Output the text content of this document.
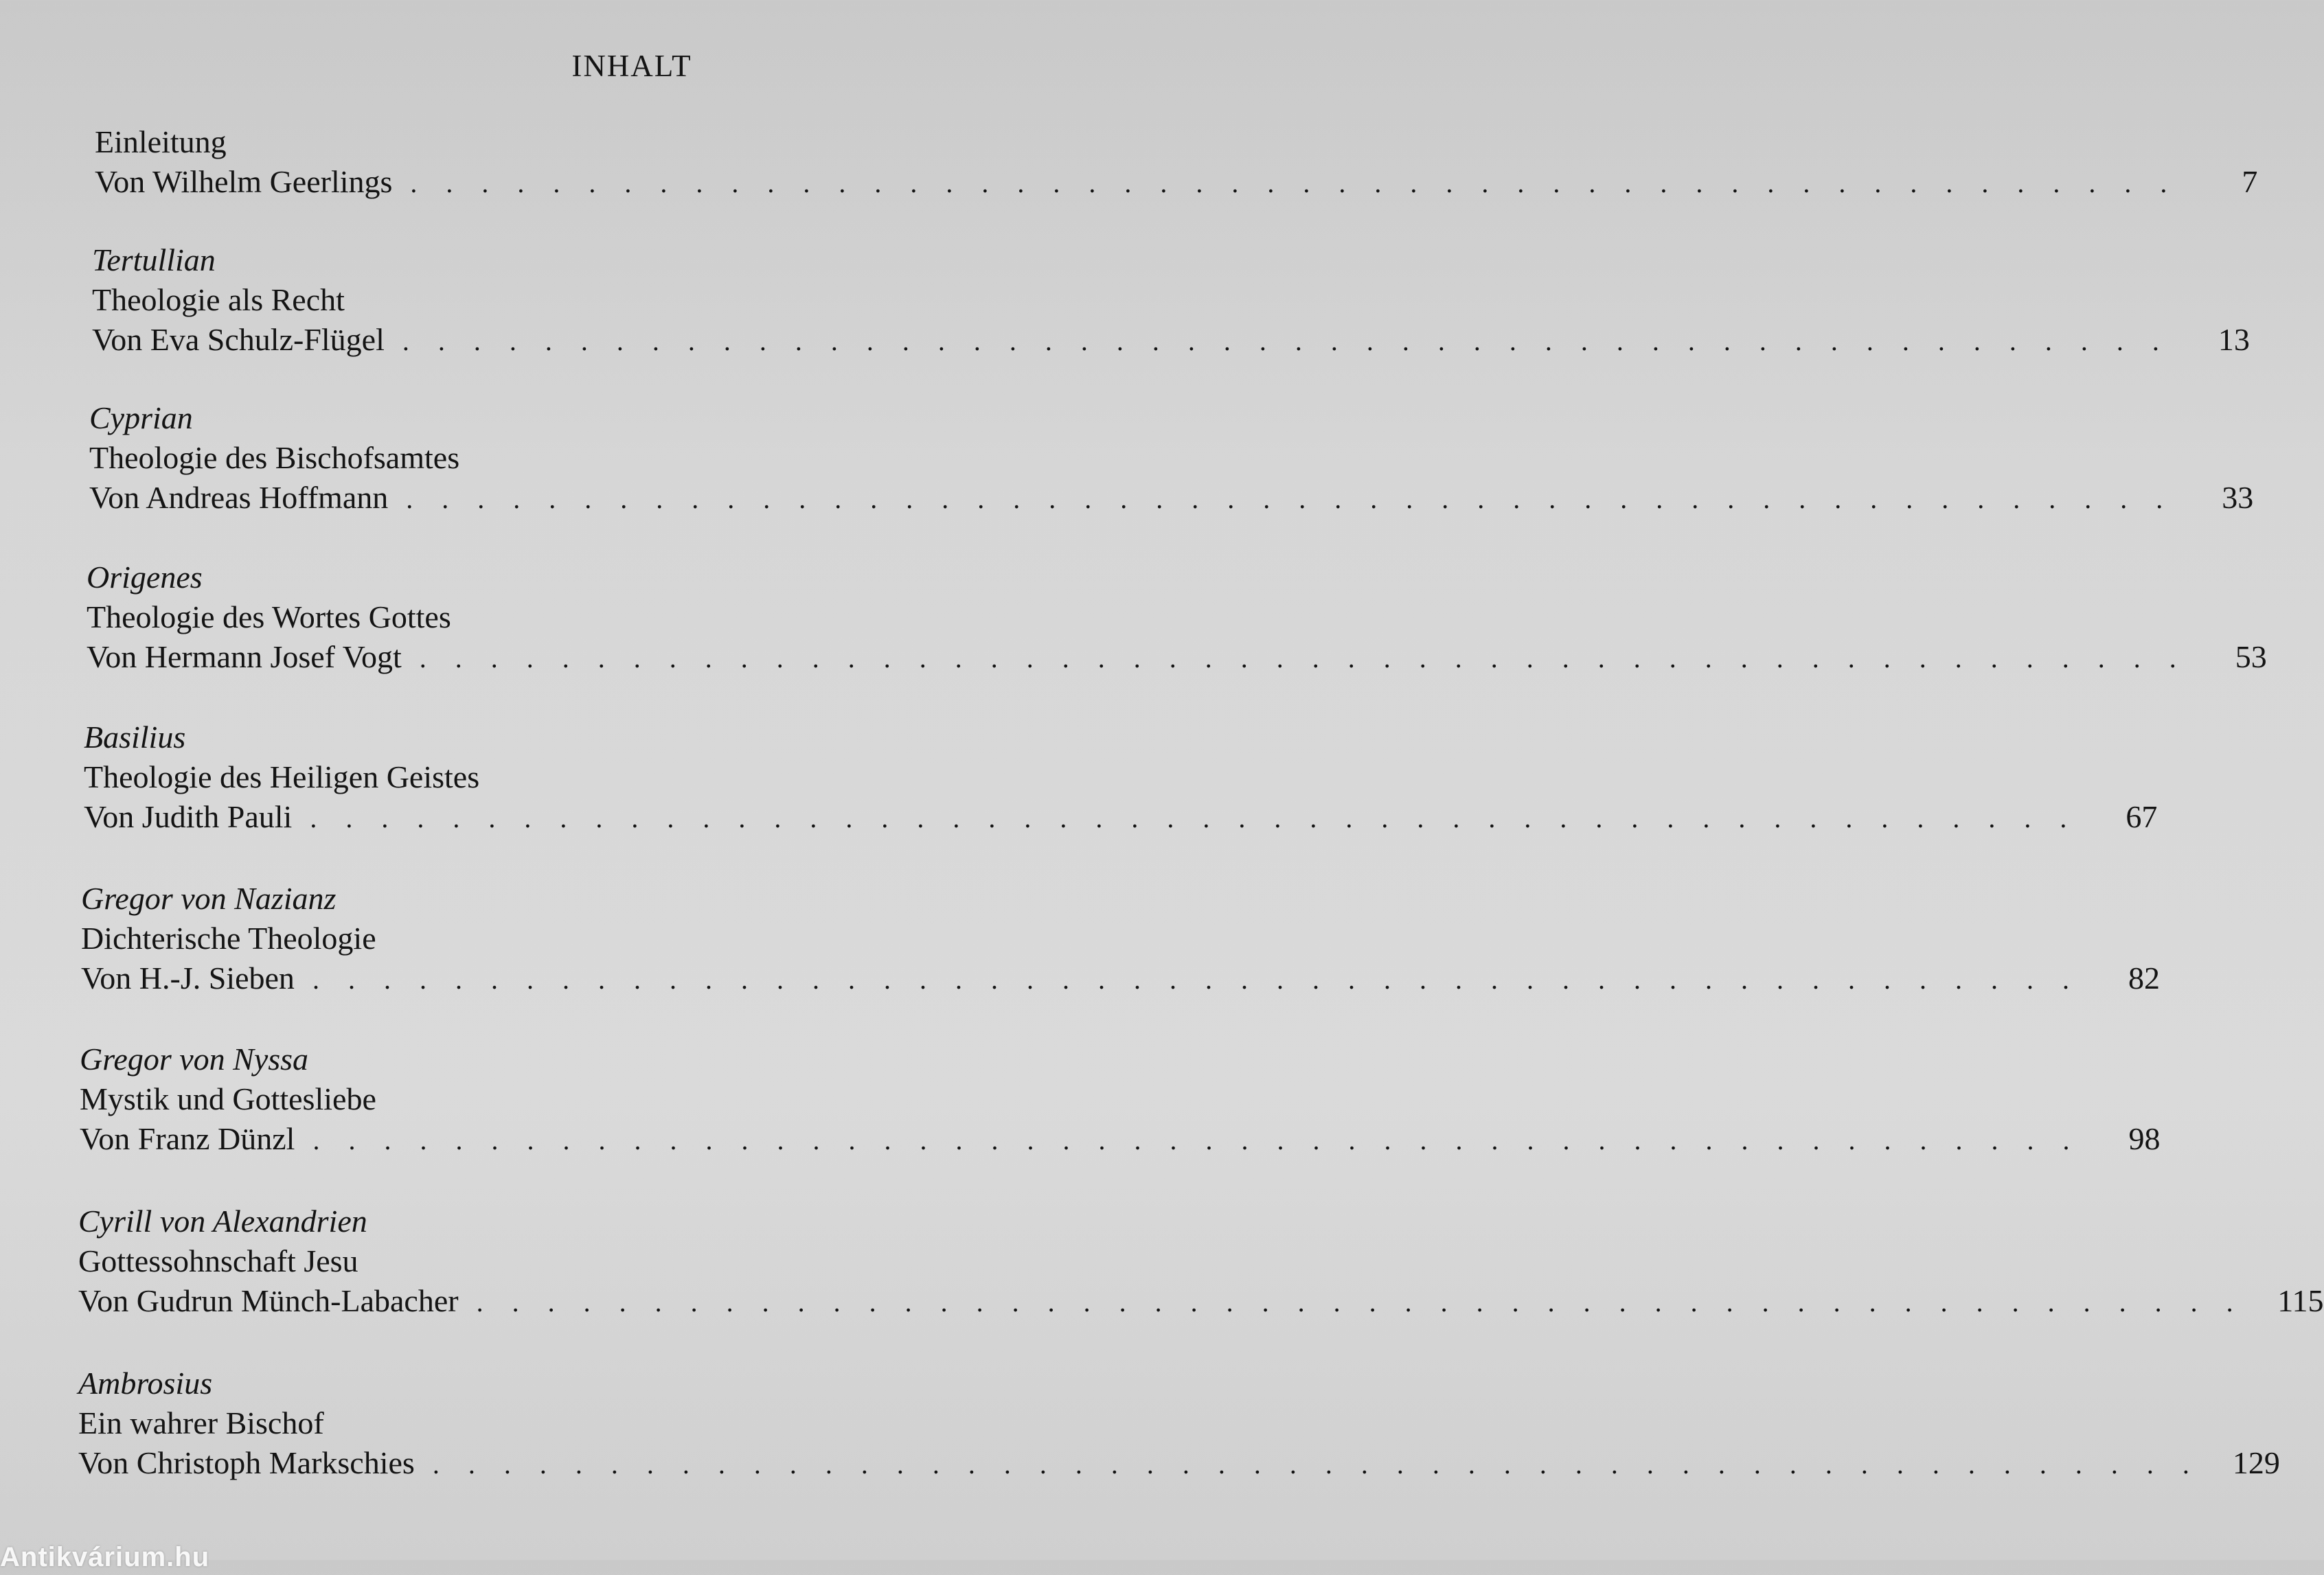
INHALT
Einleitung
Von Wilhelm Geerlings . . . . . . . . . . . . . . . . . . . . . . . . . . . . . . . . . . . . . . . . . . . . . . . . . .	7
Tertullian
Theologie als Recht
Von Eva Schulz-Flügel . . . . . . . . . . . . . . . . . . . . . . . . . . . . . . . . . . . . . . . . . . . . . . . . . .	13
Cyprian
Theologie des Bischofsamtes
Von Andreas Hoffmann . . . . . . . . . . . . . . . . . . . . . . . . . . . . . . . . . . . . . . . . . . . . . . . . . .	33
Origenes
Theologie des Wortes Gottes
Von Hermann Josef Vogt . . . . . . . . . . . . . . . . . . . . . . . . . . . . . . . . . . . . . . . . . . . . . . . . . .	53
Basilius
Theologie des Heiligen Geistes
Von Judith Pauli . . . . . . . . . . . . . . . . . . . . . . . . . . . . . . . . . . . . . . . . . . . . . . . . . .	67
Gregor von Nazianz
Dichterische Theologie
Von H.-J. Sieben . . . . . . . . . . . . . . . . . . . . . . . . . . . . . . . . . . . . . . . . . . . . . . . . . .	82
Gregor von Nyssa
Mystik und Gottesliebe
Von Franz Dünzl . . . . . . . . . . . . . . . . . . . . . . . . . . . . . . . . . . . . . . . . . . . . . . . . . .	98
Cyrill von Alexandrien
Gottessohnschaft Jesu
Von Gudrun Münch-Labacher . . . . . . . . . . . . . . . . . . . . . . . . . . . . . . . . . . . . . . . . . . . . . . . . . .	115
Ambrosius
Ein wahrer Bischof
Von Christoph Markschies . . . . . . . . . . . . . . . . . . . . . . . . . . . . . . . . . . . . . . . . . . . . . . . . . .	129
Antikvárium.hu
